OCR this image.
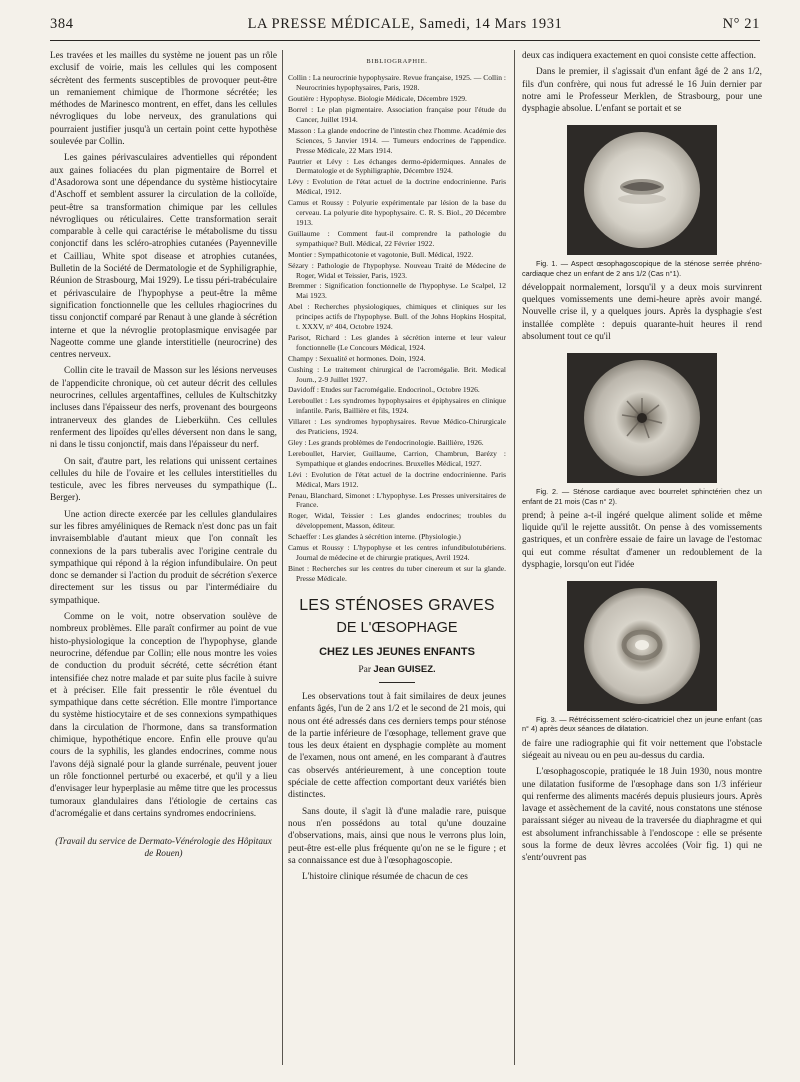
384	LA PRESSE MÉDICALE, Samedi, 14 Mars 1931	N° 21

Les travées et les mailles du système ne jouent pas un rôle exclusif de voirie, mais les cellules qui les composent sécrètent des ferments susceptibles de provoquer peut-être un remaniement chimique de l'hormone sécrétée; les méthodes de Marinesco montrent, en effet, dans les cellules névrogliques du lobe nerveux, des granulations qui pourraient justifier jusqu'à un certain point cette hypothèse soulevée par Collin.

Les gaines périvasculaires adventielles qui répondent aux gaines foliacées du plan pigmentaire de Borrel et d'Asadorowa sont une dépendance du système histiocytaire d'Aschoff et semblent assurer la circulation de la colloïde, peut-être sa transformation chimique par les cellules névrogliques ou réticulaires. Cette transformation serait comparable à celle qui caractérise le métabolisme du tissu conjonctif dans les scléro-atrophies cutanées (Payenneville et Cailliau, White spot disease et atrophies cutanées, Bulletin de la Société de Dermatologie et de Syphiligraphie, Réunion de Strasbourg, Mai 1929). Le tissu péri-trabéculaire et périvasculaire de l'hypophyse a peut-être la même signification fonctionnelle que les cellules rhagiocrines du tissu conjonctif comparé par Renaut à une glande à sécrétion interne et que la névroglie protoplasmique envisagée par Nageotte comme une glande interstitielle (neurocrine) des centres nerveux.

Collin cite le travail de Masson sur les lésions nerveuses de l'appendicite chronique, où cet auteur décrit des cellules neurocrines, cellules argentaffines, cellules de Kultschitzky incluses dans l'épaisseur des nerfs, provenant des bourgeons intranerveux des glandes de Lieberkühn. Ces cellules renferment des lipoïdes qu'elles déversent non dans le sang, ni dans le tissu conjonctif, mais dans l'épaisseur du nerf.

On sait, d'autre part, les relations qui unissent certaines cellules du hile de l'ovaire et les cellules interstitielles du testicule, avec les fibres nerveuses du sympathique (L. Berger).

Une action directe exercée par les cellules glandulaires sur les fibres amyéliniques de Remack n'est donc pas un fait invraisemblable d'autant mieux que l'on connaît les connexions de la pars tuberalis avec l'origine centrale du sympathique qui répond à la région infundibulaire. On peut donc se demander si l'action du produit de sécrétion s'exerce directement sur les tissus ou par l'intermédiaire du sympathique.

Comme on le voit, notre observation soulève de nombreux problèmes. Elle paraît confirmer au point de vue histo-physiologique la conception de l'hypophyse, glande neurocrine, défendue par Collin; elle nous montre les voies de conduction du produit sécrété, cette sécrétion étant intensifiée chez notre malade et par suite plus facile à suivre et à préciser. Elle fait pressentir le rôle éventuel du sympathique dans cette sécrétion. Elle montre l'importance du système histiocytaire et de ses connexions sympathiques dans la circulation de l'hormone, dans sa transformation chimique, hypothétique encore. Enfin elle prouve qu'au cours de la syphilis, les glandes endocrines, comme nous l'avons déjà signalé pour la glande surrénale, peuvent jouer un rôle fonctionnel perturbé ou exacerbé, et qu'il y a lieu d'envisager leur hyperplasie au même titre que les processus tumoraux glandulaires dans l'étiologie de certains cas d'acromégalie et dans certains syndromes endocriniens.

(Travail du service de Dermato-Vénérologie des Hôpitaux de Rouen)

BIBLIOGRAPHIE.

Collin : La neurocrinie hypophysaire. Revue française, 1925. — Collin : Neurocrinies hypophysaires, Paris, 1928.

Goutière : Hypophyse. Biologie Médicale, Décembre 1929.

Borrel : Le plan pigmentaire. Association française pour l'étude du Cancer, Juillet 1914.

Masson : La glande endocrine de l'intestin chez l'homme. Académie des Sciences, 5 Janvier 1914. — Tumeurs endocrines de l'appendice. Presse Médicale, 22 Mars 1914.

Pautrier et Lévy : Les échanges dermo-épidermiques. Annales de Dermatologie et de Syphiligraphie, Décembre 1924.

Lévy : Evolution de l'état actuel de la doctrine endocrinienne. Paris Médical, 1912.

Camus et Roussy : Polyurie expérimentale par lésion de la base du cerveau. La polyurie dite hypophysaire. C. R. S. Biol., 20 Décembre 1913.

Guillaume : Comment faut-il comprendre la pathologie du sympathique? Bull. Médical, 22 Février 1922.

Montier : Sympathicotonie et vagotonie, Bull. Médical, 1922.

Sézary : Pathologie de l'hypophyse. Nouveau Traité de Médecine de Roger, Widal et Teissier, Paris, 1923.

Bremmer : Signification fonctionnelle de l'hypophyse. Le Scalpel, 12 Mai 1923.

Abel : Recherches physiologiques, chimiques et cliniques sur les principes actifs de l'hypophyse. Bull. of the Johns Hopkins Hospital, t. XXXV, n° 404, Octobre 1924.

Parisot, Richard : Les glandes à sécrétion interne et leur valeur fonctionnelle (Le Concours Médical, 1924.

Champy : Sexualité et hormones. Doin, 1924.

Cushing : Le traitement chirurgical de l'acromégalie. Brit. Medical Journ., 2-9 Juillet 1927.

Davidoff : Etudes sur l'acromégalie. Endocrinol., Octobre 1926.

Lereboullet : Les syndromes hypophysaires et épiphysaires en clinique infantile. Paris, Baillière et fils, 1924.

Villaret : Les syndromes hypophysaires. Revue Médico-Chirurgicale des Praticiens, 1924.

Gley : Les grands problèmes de l'endocrinologie. Baillière, 1926.

Lereboullet, Harvier, Guillaume, Carrion, Chambrun, Barézy : Sympathique et glandes endocrines. Bruxelles Médical, 1927.

Lévi : Evolution de l'état actuel de la doctrine endocrinienne. Paris Médical, Mars 1912.

Penau, Blanchard, Simonet : L'hypophyse. Les Presses universitaires de France.

Roger, Widal, Teissier : Les glandes endocrines; troubles du développement, Masson, éditeur.

Schaeffer : Les glandes à sécrétion interne. (Physiologie.)

Camus et Roussy : L'hypophyse et les centres infundibulotubériens. Journal de médecine et de chirurgie pratiques, Avril 1924.

Binet : Recherches sur les centres du tuber cinereum et sur la glande. Presse Médicale.

LES STÉNOSES GRAVES
DE L'ŒSOPHAGE
CHEZ LES JEUNES ENFANTS
Par Jean GUISEZ.

Les observations tout à fait similaires de deux jeunes enfants âgés, l'un de 2 ans 1/2 et le second de 21 mois, qui nous ont été adressés dans ces derniers temps pour sténose de la partie inférieure de l'œsophage, tellement grave que tous les deux étaient en dysphagie complète au moment de l'examen, nous ont amené, en les comparant à d'autres cas observés antérieurement, à une conception toute spéciale de cette affection comportant deux variétés bien distinctes.

Sans doute, il s'agit là d'une maladie rare, puisque nous n'en possédons au total qu'une douzaine d'observations, mais, ainsi que nous le verrons plus loin, peut-être est-elle plus fréquente qu'on ne se le figure ; et sa connaissance est due à l'œsophagoscopie.

L'histoire clinique résumée de chacun de ces

deux cas indiquera exactement en quoi consiste cette affection.

Dans le premier, il s'agissait d'un enfant âgé de 2 ans 1/2, fils d'un confrère, qui nous fut adressé le 16 Juin dernier par notre ami le Professeur Merklen, de Strasbourg, pour une dysphagie absolue. L'enfant se portait et se

Fig. 1. — Aspect œsophagoscopique de la sténose serrée phréno-cardiaque chez un enfant de 2 ans 1/2 (Cas n°1).

développait normalement, lorsqu'il y a deux mois survinrent quelques vomissements une demi-heure après avoir mangé. Nouvelle crise il, y a quelques jours. Après la dysphagie s'est installée complète : depuis quarante-huit heures il rend absolument tout ce qu'il

Fig. 2. — Sténose cardiaque avec bourrelet sphinctérien chez un enfant de 21 mois (Cas n° 2).

prend; à peine a-t-il ingéré quelque aliment solide et même liquide qu'il le rejette aussitôt. On pense à des vomissements gastriques, et un confrère essaie de faire un lavage de l'estomac qui eut comme résultat d'amener un redoublement de la dysphagie, lorsqu'on eut l'idée

Fig. 3. — Rétrécissement scléro-cicatriciel chez un jeune enfant (cas n° 4) après deux séances de dilatation.

de faire une radiographie qui fit voir nettement que l'obstacle siégeait au niveau ou en peu au-dessus du cardia.

L'œsophagoscopie, pratiquée le 18 Juin 1930, nous montre une dilatation fusiforme de l'œsophage dans son 1/3 inférieur qui renferme des aliments macérés depuis plusieurs jours. Après lavage et assèchement de la cavité, nous constatons une sténose paraissant siéger au niveau de la traversée du diaphragme et qui est absolument infranchissable à l'endoscope : elle se présente sous la forme de deux lèvres accolées (Voir fig. 1) qui ne s'entr'ouvrent pas
